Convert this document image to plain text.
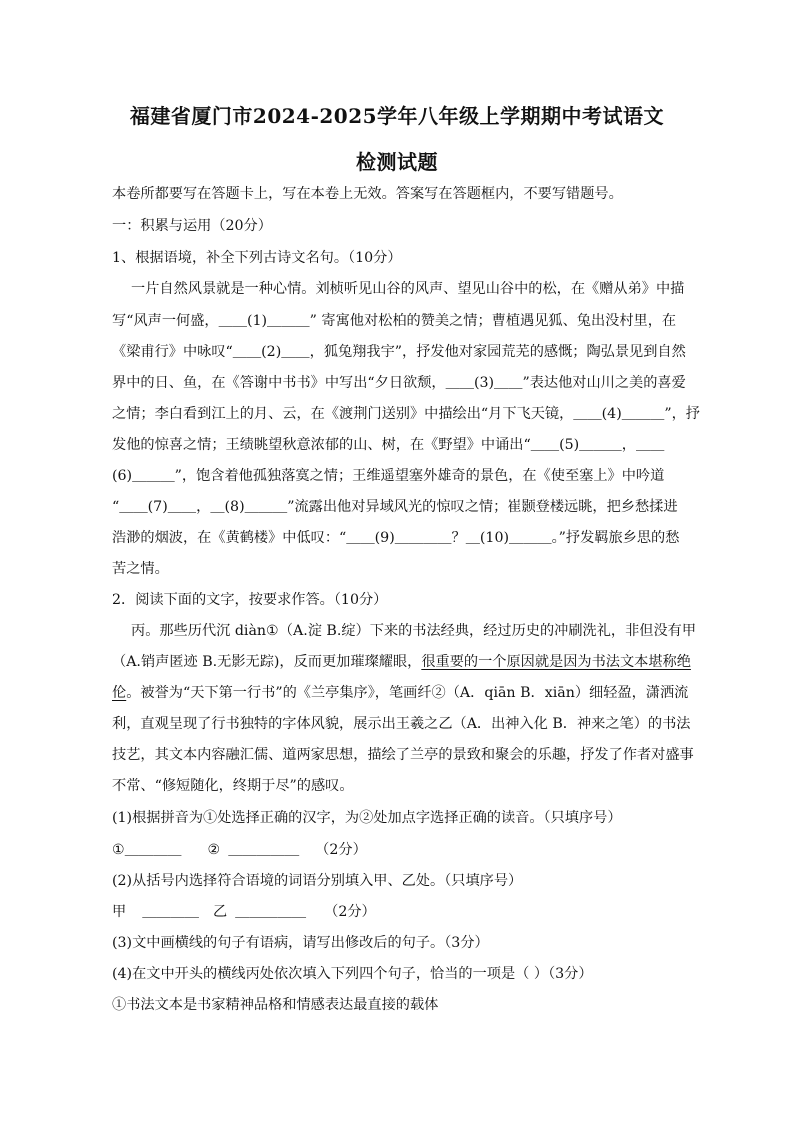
福建省厦门市2024-2025学年八年级上学期期中考试语文
检测试题
本卷所都要写在答题卡上，写在本卷上无效。答案写在答题框内，不要写错题号。
一：积累与运用（20分）
1、根据语境，补全下列古诗文名句。（10分）
一片自然风景就是一种心情。刘桢听见山谷的风声、望见山谷中的松，在《赠从弟》中描
写“风声一何盛，＿＿(1)＿＿＿” 寄寓他对松柏的赞美之情；曹植遇见狐、兔出没村里，在
《梁甫行》中咏叹“＿＿(2)＿＿，狐兔翔我宇”，抒发他对家园荒芜的感慨；陶弘景见到自然
界中的日、鱼，在《答谢中书书》中写出“夕日欲颓，＿＿(3)＿＿”表达他对山川之美的喜爱
之情；李白看到江上的月、云，在《渡荆门送别》中描绘出“月下飞天镜，＿＿(4)＿＿＿”，抒
发他的惊喜之情；王绩眺望秋意浓郁的山、树，在《野望》中诵出“＿＿(5)＿＿＿，＿＿
(6)＿＿＿”，饱含着他孤独落寞之情；王维遥望塞外雄奇的景色，在《使至塞上》中吟道
“＿＿(7)＿＿，＿(8)＿＿＿”流露出他对异域风光的惊叹之情；崔颢登楼远眺，把乡愁揉进
浩渺的烟波，在《黄鹤楼》中低叹：“＿＿(9)＿＿＿＿？＿(10)＿＿＿。”抒发羁旅乡思的愁
苦之情。
2．阅读下面的文字，按要求作答。（10分）
丙。那些历代沉 diàn①（A.淀 B.绽）下来的书法经典，经过历史的冲刷洗礼，非但没有甲
（A.销声匿迹 B.无影无踪)，反而更加璀璨耀眼，很重要的一个原因就是因为书法文本堪称绝
伦。被誉为“天下第一行书”的《兰亭集序》，笔画纤②（A．qiān B．xiān）细轻盈，潇洒流
利，直观呈现了行书独特的字体风貌，展示出王羲之乙（A．出神入化 B．神来之笔）的书法
技艺，其文本内容融汇儒、道两家思想，描绘了兰亭的景致和聚会的乐趣，抒发了作者对盛事
不常、“修短随化，终期于尽”的感叹。
(1)根据拼音为①处选择正确的汉字，为②处加点字选择正确的读音。（只填序号）
①＿＿＿＿ ② ＿＿＿＿＿ （2分）
(2)从括号内选择符合语境的词语分别填入甲、乙处。（只填序号）
甲 ＿＿＿＿ 乙 ＿＿＿＿＿ （2分）
(3)文中画横线的句子有语病，请写出修改后的句子。（3分）
(4)在文中开头的横线丙处依次填入下列四个句子，恰当的一项是（ ）（3分）
①书法文本是书家精神品格和情感表达最直接的载体
